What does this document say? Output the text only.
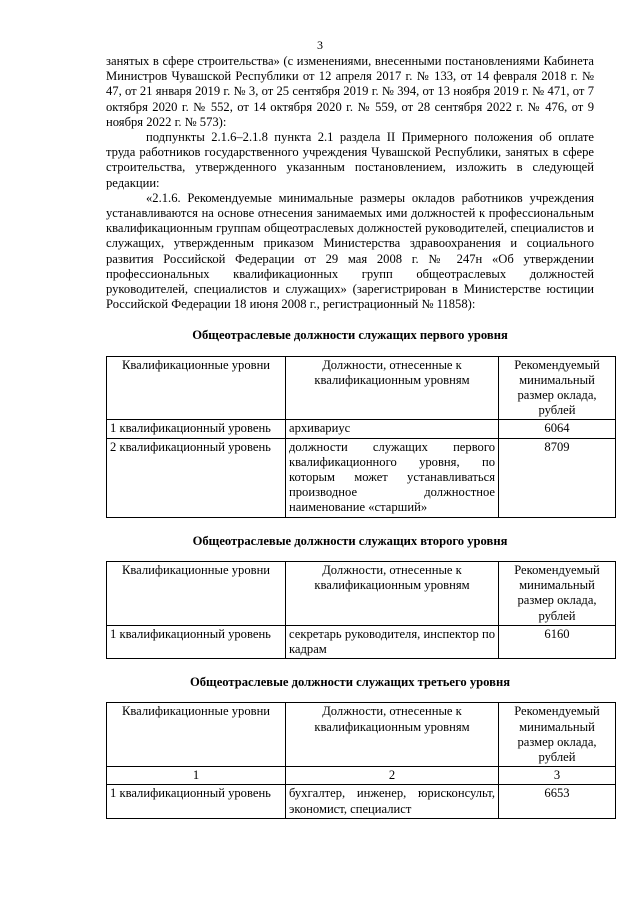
3

занятых в сфере строительства» (с изменениями, внесенными постановлениями Кабинета Министров Чувашской Республики от 12 апреля 2017 г. № 133, от 14 февраля 2018 г. № 47, от 21 января 2019 г. № 3, от 25 сентября 2019 г. № 394, от 13 ноября 2019 г. № 471, от 7 октября 2020 г. № 552, от 14 октября 2020 г. № 559, от 28 сентября 2022 г. № 476, от 9 ноября 2022 г. № 573):

подпункты 2.1.6–2.1.8 пункта 2.1 раздела II Примерного положения об оплате труда работников государственного учреждения Чувашской Республики, занятых в сфере строительства, утвержденного указанным постановлением, изложить в следующей редакции:

«2.1.6. Рекомендуемые минимальные размеры окладов работников учреждения устанавливаются на основе отнесения занимаемых ими должностей к профессиональным квалификационным группам общеотраслевых должностей руководителей, специалистов и служащих, утвержденным приказом Министерства здравоохранения и социального развития Российской Федерации от 29 мая 2008 г. № 247н «Об утверждении профессиональных квалификационных групп общеотраслевых должностей руководителей, специалистов и служащих» (зарегистрирован в Министерстве юстиции Российской Федерации 18 июня 2008 г., регистрационный № 11858):

Общеотраслевые должности служащих первого уровня
Квалификационные уровни	Должности, отнесенные к квалификационным уровням	Рекомендуемый минимальный размер оклада, рублей
1 квалификационный уровень	архивариус	6064
2 квалификационный уровень	должности служащих первого квалификационного уровня, по которым может устанавливаться производное должностное наименование «старший»	8709
Общеотраслевые должности служащих второго уровня
Квалификационные уровни	Должности, отнесенные к квалификационным уровням	Рекомендуемый минимальный размер оклада, рублей
1 квалификационный уровень	секретарь руководителя, инспектор по кадрам	6160
Общеотраслевые должности служащих третьего уровня
Квалификационные уровни	Должности, отнесенные к квалификационным уровням	Рекомендуемый минимальный размер оклада, рублей
1	2	3
1 квалификационный уровень	бухгалтер, инженер, юрисконсульт, экономист, специалист	6653
